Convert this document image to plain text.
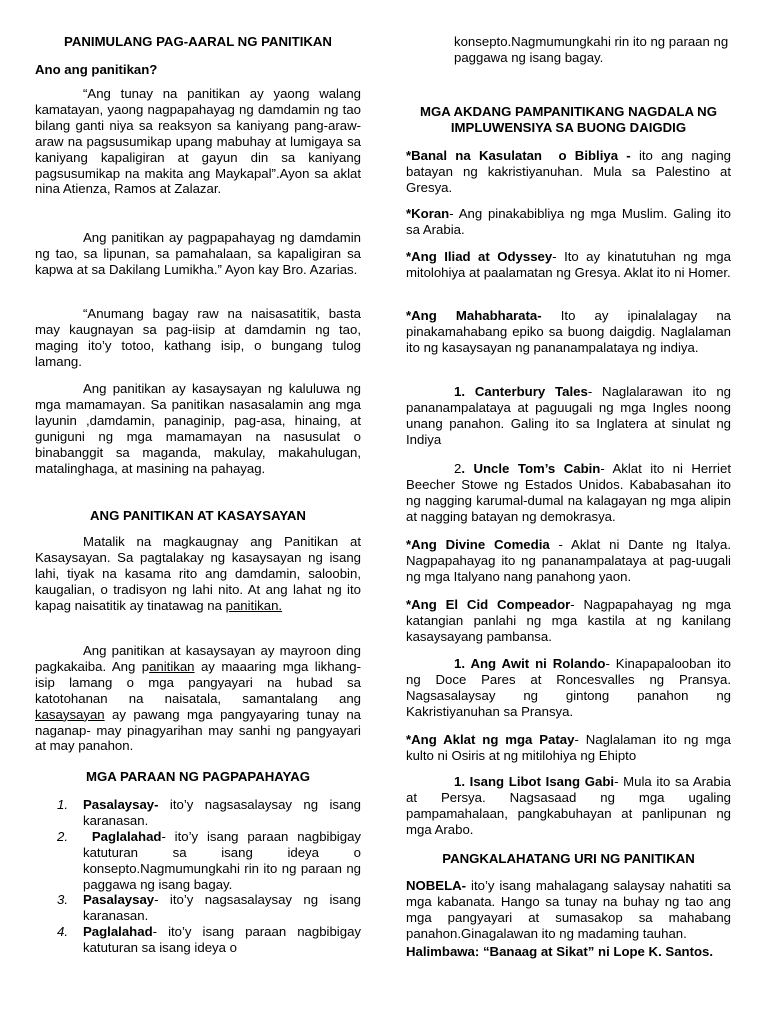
PANIMULANG PAG-AARAL NG PANITIKAN

Ano ang panitikan?

“Ang tunay na panitikan ay yaong walang kamatayan, yaong nagpapahayag ng damdamin ng tao bilang ganti niya sa reaksyon sa kaniyang pang-araw-araw na pagsusumikap upang mabuhay at lumigaya sa kaniyang kapaligiran at gayun din sa kaniyang pagsusumikap na makita ang Maykapal”.Ayon sa aklat nina Atienza, Ramos at Zalazar.

Ang panitikan ay pagpapahayag ng damdamin ng tao, sa lipunan, sa pamahalaan, sa kapaligiran sa kapwa at sa Dakilang Lumikha.” Ayon kay Bro. Azarias.

“Anumang bagay raw na naisasatitik, basta may kaugnayan sa pag-iisip at damdamin ng tao, maging ito’y totoo, kathang isip, o bungang tulog lamang.

Ang panitikan ay kasaysayan ng kaluluwa ng mga mamamayan. Sa panitikan nasasalamin ang mga layunin ,damdamin, panaginip, pag-asa, hinaing, at guniguni ng mga mamamayan na nasusulat o binabanggit sa maganda, makulay, makahulugan, matalinghaga, at masining na pahayag.

ANG PANITIKAN AT KASAYSAYAN

Matalik na magkaugnay ang Panitikan at Kasaysayan. Sa pagtalakay ng kasaysayan ng isang lahi, tiyak na kasama rito ang damdamin, saloobin, kaugalian, o tradisyon ng lahi nito. At ang lahat ng ito kapag naisatitik ay tinatawag na panitikan.

Ang panitikan at kasaysayan ay mayroon ding pagkakaiba. Ang panitikan ay maaaring mga likhang-isip lamang o mga pangyayari na hubad sa katotohanan na naisatala, samantalang ang kasaysayan ay pawang mga pangyayaring tunay na naganap- may pinagyarihan may sanhi ng pangyayari at may panahon.

MGA PARAAN NG PAGPAPAHAYAG

1. Pasalaysay- ito’y nagsasalaysay ng isang karanasan.
2. Paglalahad- ito’y isang paraan nagbibigay katuturan sa isang ideya o konsepto.Nagmumungkahi rin ito ng paraan ng paggawa ng isang bagay.
3. Pasalaysay- ito’y nagsasalaysay ng isang karanasan.
4. Paglalahad- ito’y isang paraan nagbibigay katuturan sa isang ideya o

konsepto.Nagmumungkahi rin ito ng paraan ng paggawa ng isang bagay.

MGA AKDANG PAMPANITIKANG NAGDALA NG IMPLUWENSIYA SA BUONG DAIGDIG

*Banal na Kasulatan  o Bibliya - ito ang naging batayan ng kakristiyanuhan. Mula sa Palestino at Gresya.

*Koran- Ang pinakabibliya ng mga Muslim. Galing ito sa Arabia.

*Ang Iliad at Odyssey- Ito ay kinatutuhan ng mga mitolohiya at paalamatan ng Gresya. Aklat ito ni Homer.

*Ang Mahabharata- Ito ay ipinalalagay na pinakamahabang epiko sa buong daigdig. Naglalaman ito ng kasaysayan ng pananampalataya ng indiya.

1. Canterbury Tales- Naglalarawan ito ng pananampalataya at paguugali ng mga Ingles noong unang panahon. Galing ito sa Inglatera at sinulat ng Indiya

2. Uncle Tom’s Cabin- Aklat ito ni Herriet Beecher Stowe ng Estados Unidos. Kababasahan ito ng nagging karumal-dumal na kalagayan ng mga alipin at nagging batayan ng demokrasya.

*Ang Divine Comedia - Aklat ni Dante ng Italya. Nagpapahayag ito ng pananampalataya at pag-uugali ng mga Italyano nang panahong yaon.

*Ang El Cid Compeador- Nagpapahayag ng mga katangian panlahi ng mga kastila at ng kanilang kasaysayang pambansa.

1. Ang Awit ni Rolando- Kinapapalooban ito ng Doce Pares at Roncesvalles ng Pransya. Nagsasalaysay ng gintong panahon ng Kakristiyanuhan sa Pransya.

*Ang Aklat ng mga Patay- Naglalaman ito ng mga kulto ni Osiris at ng mitilohiya ng Ehipto

1. Isang Libot Isang Gabi- Mula ito sa Arabia at Persya. Nagsasaad ng mga ugaling pampamahalaan, pangkabuhayan at panlipunan ng mga Arabo.

PANGKALAHATANG URI NG PANITIKAN

NOBELA- ito’y isang mahalagang salaysay nahatiti sa mga kabanata. Hango sa tunay na buhay ng tao ang mga pangyayari at sumasakop sa mahabang panahon.Ginagalawan ito ng madaming tauhan.

Halimbawa: “Banaag at Sikat” ni Lope K. Santos.
